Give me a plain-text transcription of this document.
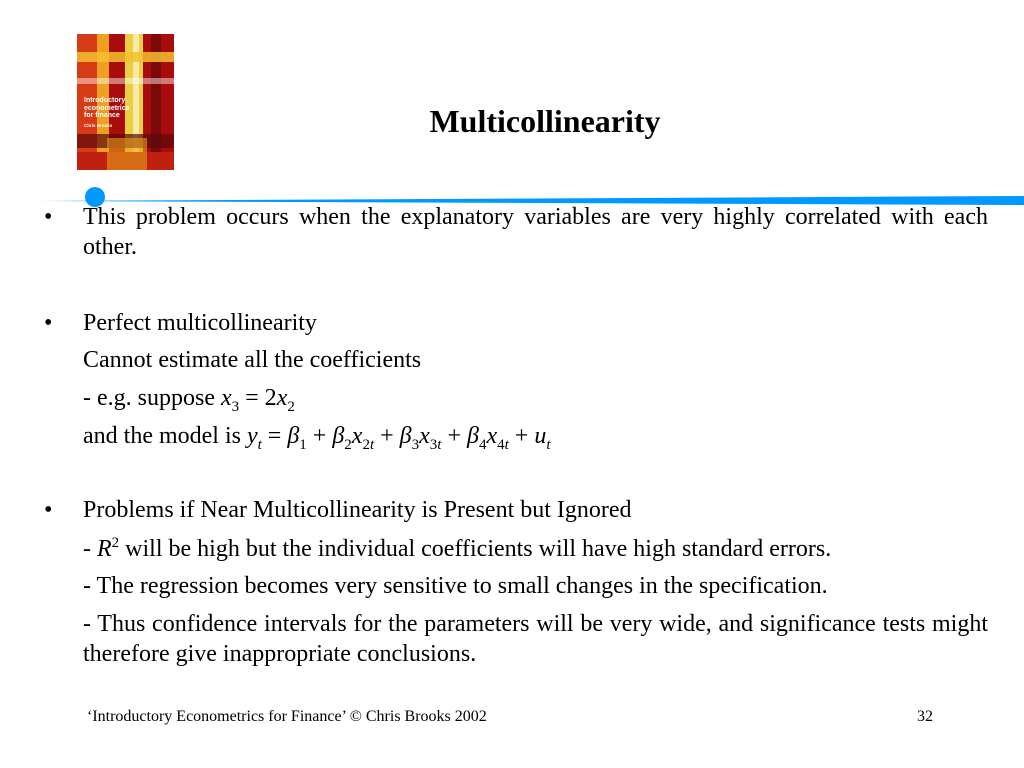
Introductory
econometrics
for finance
Chris Brooks	Multicollinearity
•	This problem occurs when the explanatory variables are very highly correlated with each other.
•	Perfect multicollinearity
Cannot estimate all the coefficients
- e.g. suppose $x_3 = 2x_2$
and the model is $y_t = \beta_1 + \beta_2x_{2t} + \beta_3x_{3t} + \beta_4x_{4t} + u_t$
•	Problems if Near Multicollinearity is Present but Ignored
- $R^2$ will be high but the individual coefficients will have high standard errors.
- The regression becomes very sensitive to small changes in the specification.
- Thus confidence intervals for the parameters will be very wide, and significance tests might therefore give inappropriate conclusions.
‘Introductory Econometrics for Finance’ © Chris Brooks 2002	32
